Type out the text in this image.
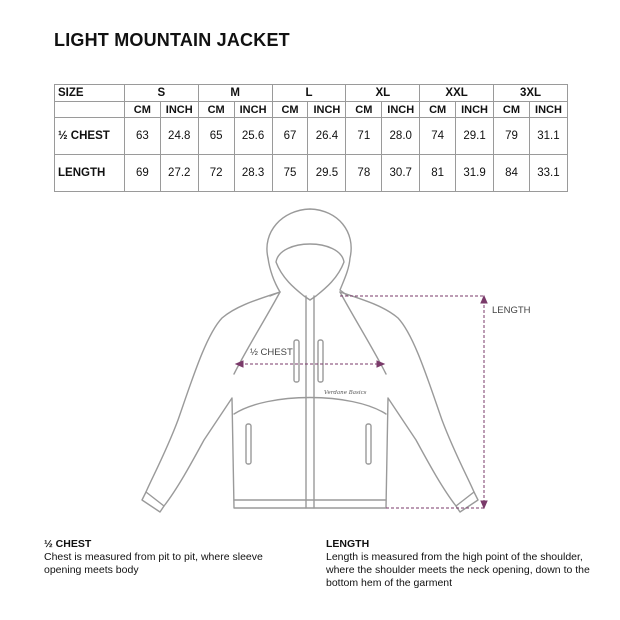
LIGHT MOUNTAIN JACKET
SIZE	S		M		L		XL		XXL		3XL	
	CM	INCH	CM	INCH	CM	INCH	CM	INCH	CM	INCH	CM	INCH
½ CHEST	63	24.8	65	25.6	67	26.4	71	28.0	74	29.1	79	31.1
LENGTH	69	27.2	72	28.3	75	29.5	78	30.7	81	31.9	84	33.1
½ CHEST
Verdane Basics
LENGTH
½ CHEST
Chest is measured from pit to pit, where sleeve opening meets body
LENGTH
Length is measured from the high point of the shoulder, where the shoulder meets the neck opening, down to the bottom hem of the garment
